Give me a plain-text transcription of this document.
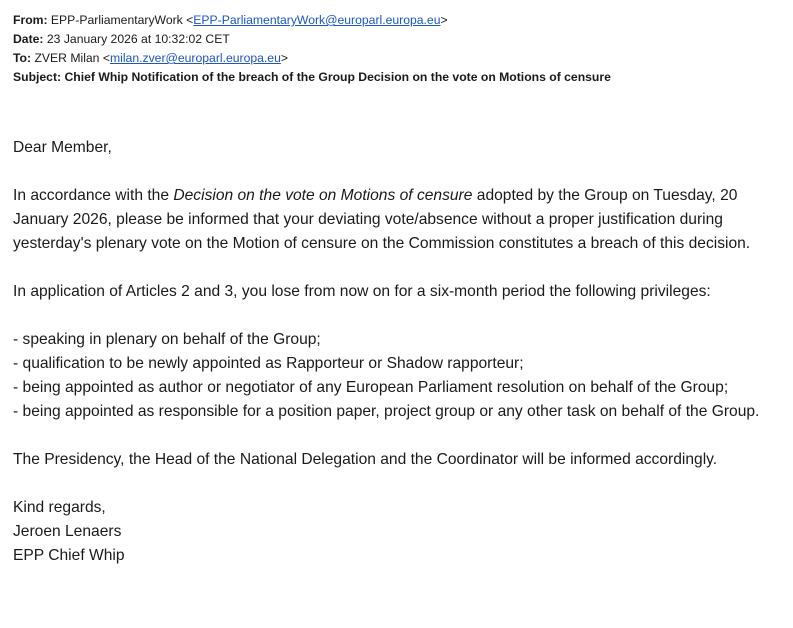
From: EPP-ParliamentaryWork <EPP-ParliamentaryWork@europarl.europa.eu>
Date: 23 January 2026 at 10:32:02 CET
To: ZVER Milan <milan.zver@europarl.europa.eu>
Subject: Chief Whip Notification of the breach of the Group Decision on the vote on Motions of censure

Dear Member,

In accordance with the Decision on the vote on Motions of censure adopted by the Group on Tuesday, 20 January 2026, please be informed that your deviating vote/absence without a proper justification during yesterday's plenary vote on the Motion of censure on the Commission constitutes a breach of this decision.

In application of Articles 2 and 3, you lose from now on for a six-month period the following privileges:

- speaking in plenary on behalf of the Group;

- qualification to be newly appointed as Rapporteur or Shadow rapporteur;

- being appointed as author or negotiator of any European Parliament resolution on behalf of the Group;

- being appointed as responsible for a position paper, project group or any other task on behalf of the Group.

The Presidency, the Head of the National Delegation and the Coordinator will be informed accordingly.

Kind regards,

Jeroen Lenaers

EPP Chief Whip
